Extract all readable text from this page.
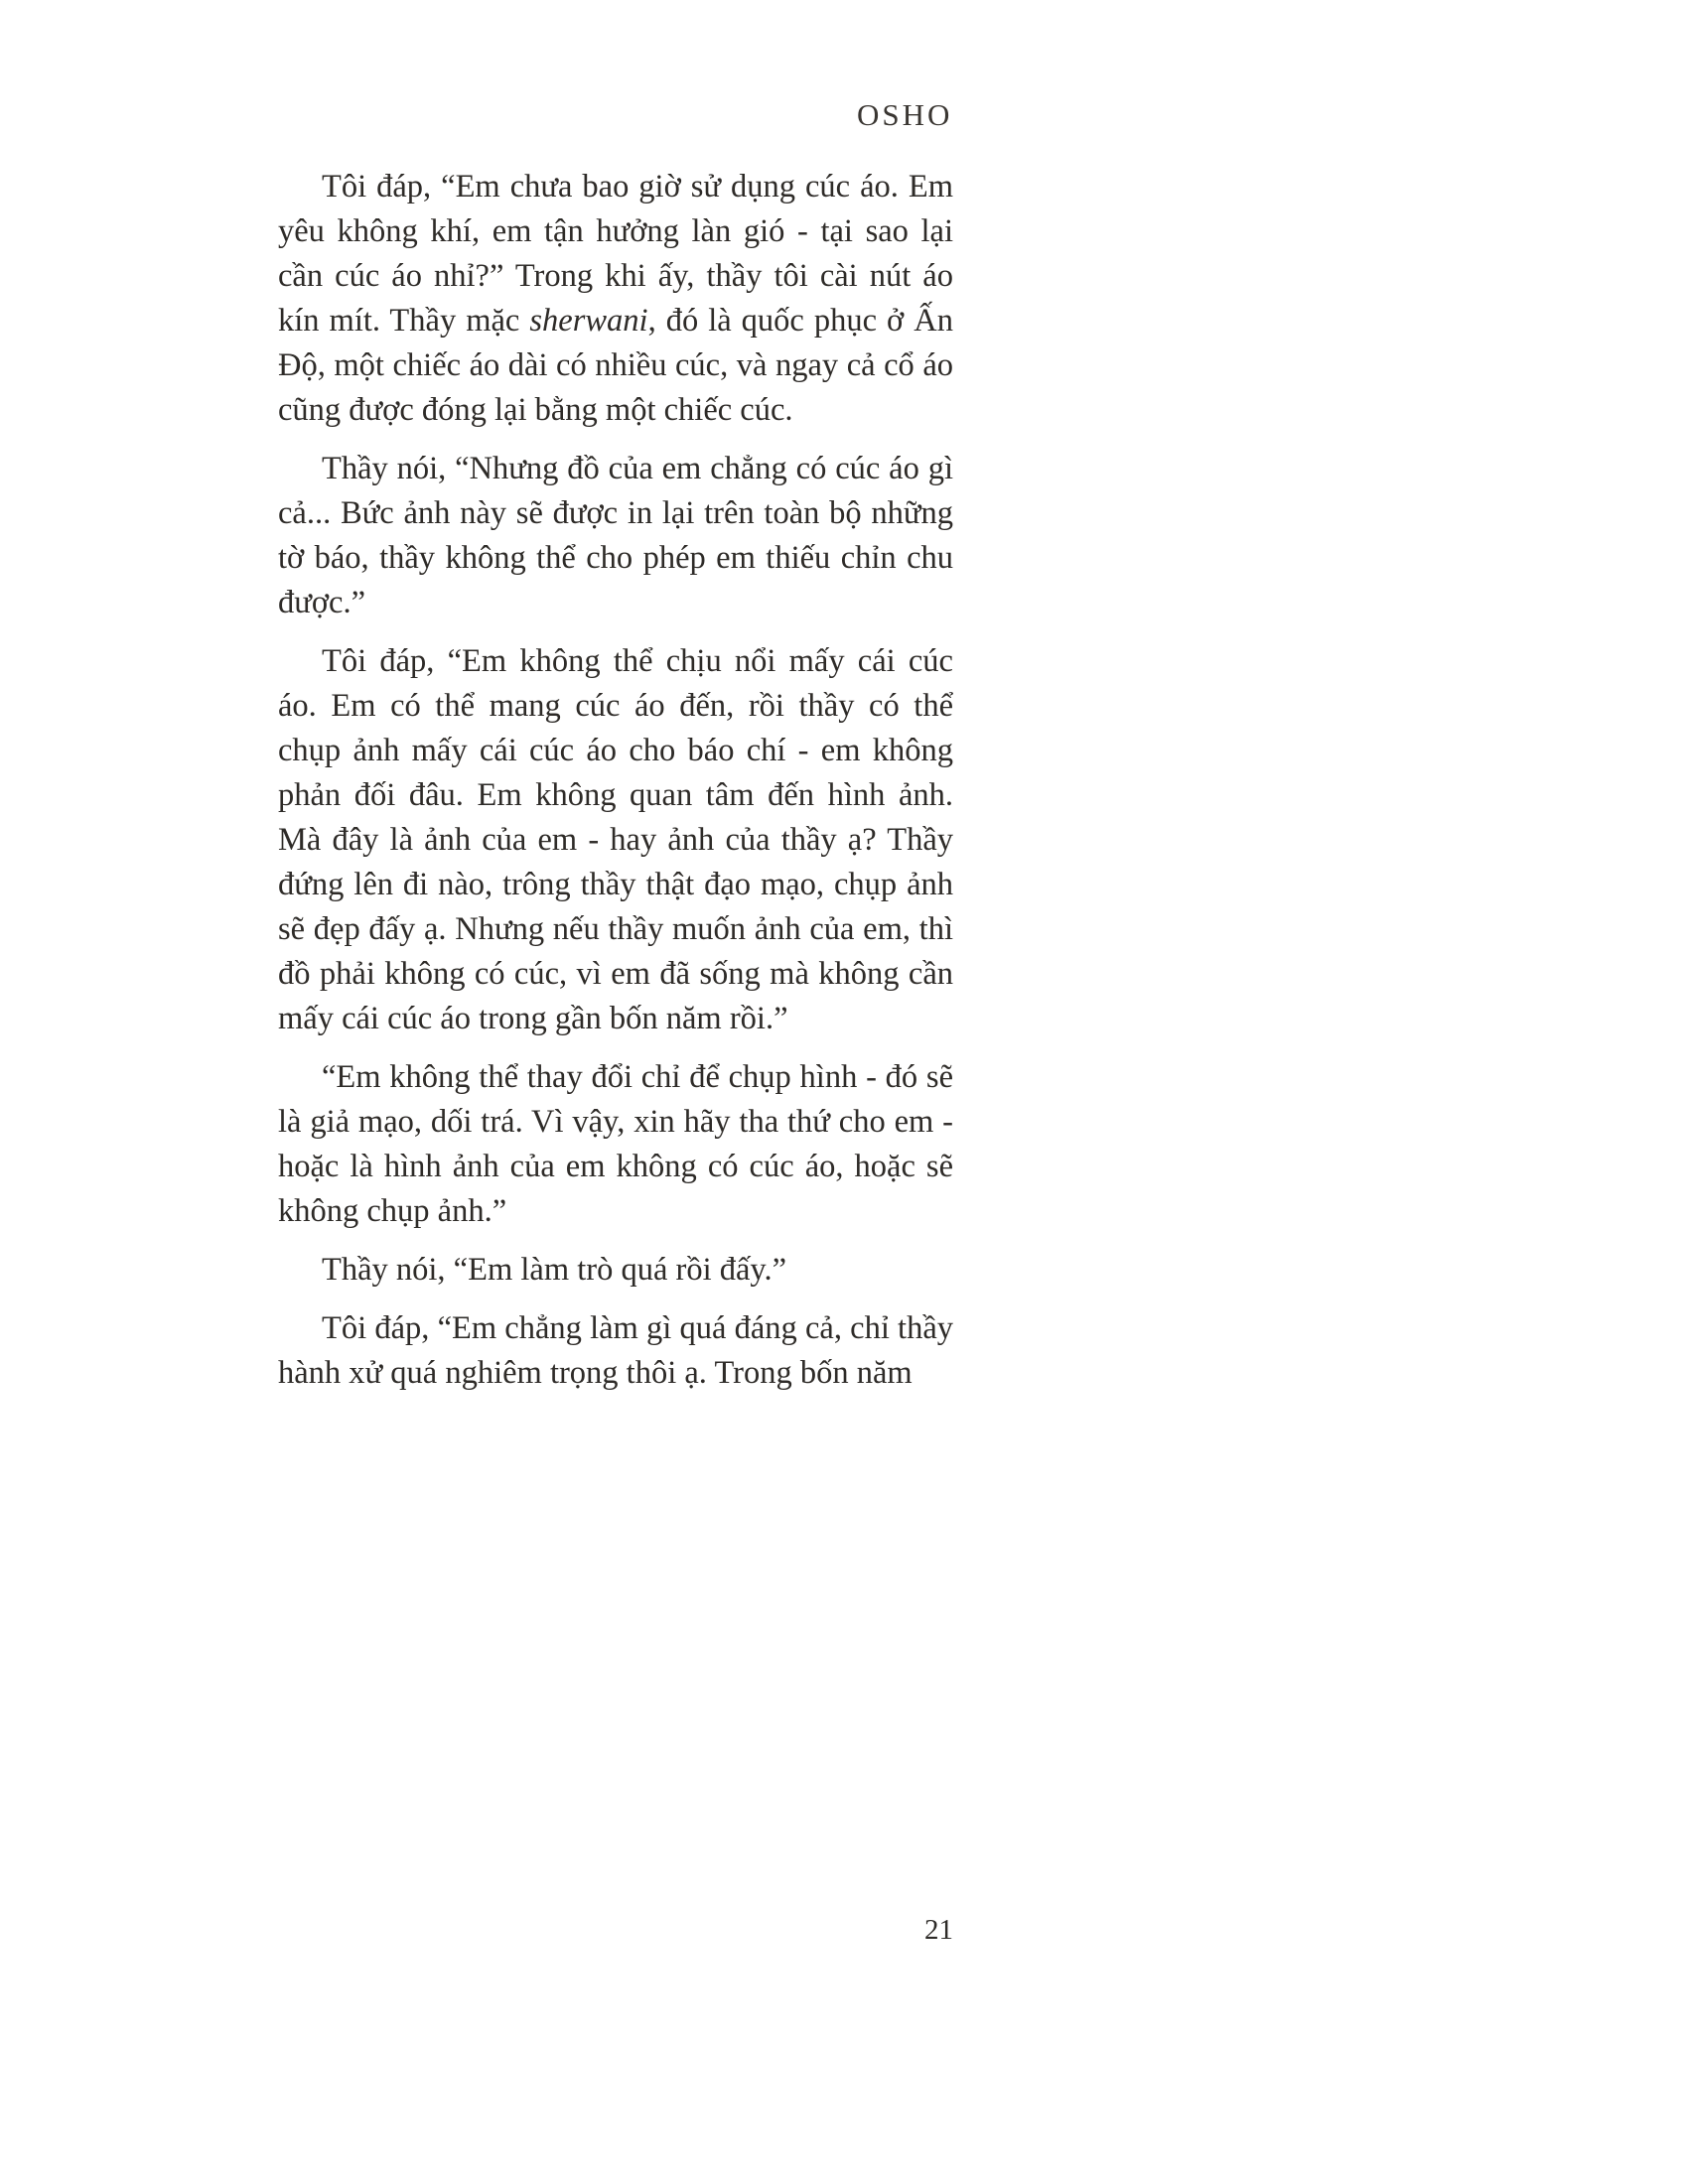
OSHO

Tôi đáp, “Em chưa bao giờ sử dụng cúc áo. Em yêu không khí, em tận hưởng làn gió - tại sao lại cần cúc áo nhỉ?” Trong khi ấy, thầy tôi cài nút áo kín mít. Thầy mặc sherwani, đó là quốc phục ở Ấn Độ, một chiếc áo dài có nhiều cúc, và ngay cả cổ áo cũng được đóng lại bằng một chiếc cúc.

Thầy nói, “Nhưng đồ của em chẳng có cúc áo gì cả... Bức ảnh này sẽ được in lại trên toàn bộ những tờ báo, thầy không thể cho phép em thiếu chỉn chu được.”

Tôi đáp, “Em không thể chịu nổi mấy cái cúc áo. Em có thể mang cúc áo đến, rồi thầy có thể chụp ảnh mấy cái cúc áo cho báo chí - em không phản đối đâu. Em không quan tâm đến hình ảnh. Mà đây là ảnh của em - hay ảnh của thầy ạ? Thầy đứng lên đi nào, trông thầy thật đạo mạo, chụp ảnh sẽ đẹp đấy ạ. Nhưng nếu thầy muốn ảnh của em, thì đồ phải không có cúc, vì em đã sống mà không cần mấy cái cúc áo trong gần bốn năm rồi.”

“Em không thể thay đổi chỉ để chụp hình - đó sẽ là giả mạo, dối trá. Vì vậy, xin hãy tha thứ cho em - hoặc là hình ảnh của em không có cúc áo, hoặc sẽ không chụp ảnh.”

Thầy nói, “Em làm trò quá rồi đấy.”

Tôi đáp, “Em chẳng làm gì quá đáng cả, chỉ thầy hành xử quá nghiêm trọng thôi ạ. Trong bốn năm

21
